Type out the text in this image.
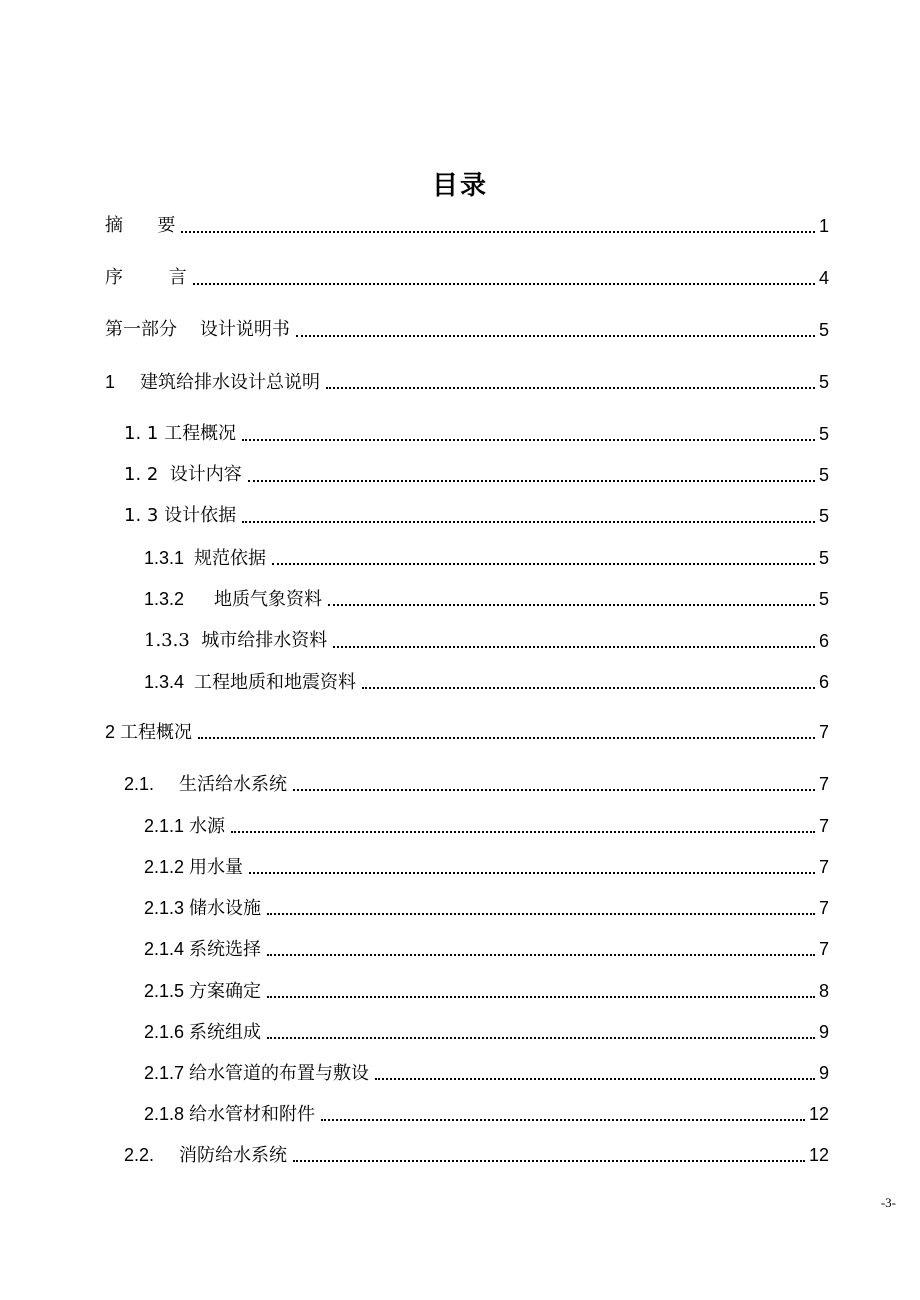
目录
摘      要	1
序        言	4
第一部分    设计说明书	5
1     建筑给排水设计总说明	5
1. 1 工程概况	5
1. 2  设计内容	5
1. 3 设计依据	5
1.3.1  规范依据	5
1.3.2      地质气象资料	5
1.3.3  城市给排水资料	6
1.3.4  工程地质和地震资料	6
2 工程概况	7
2.1.     生活给水系统	7
2.1.1 水源	7
2.1.2 用水量	7
2.1.3 储水设施	7
2.1.4 系统选择	7
2.1.5 方案确定	8
2.1.6 系统组成	9
2.1.7 给水管道的布置与敷设	9
2.1.8 给水管材和附件	12
2.2.     消防给水系统	12
-3-
